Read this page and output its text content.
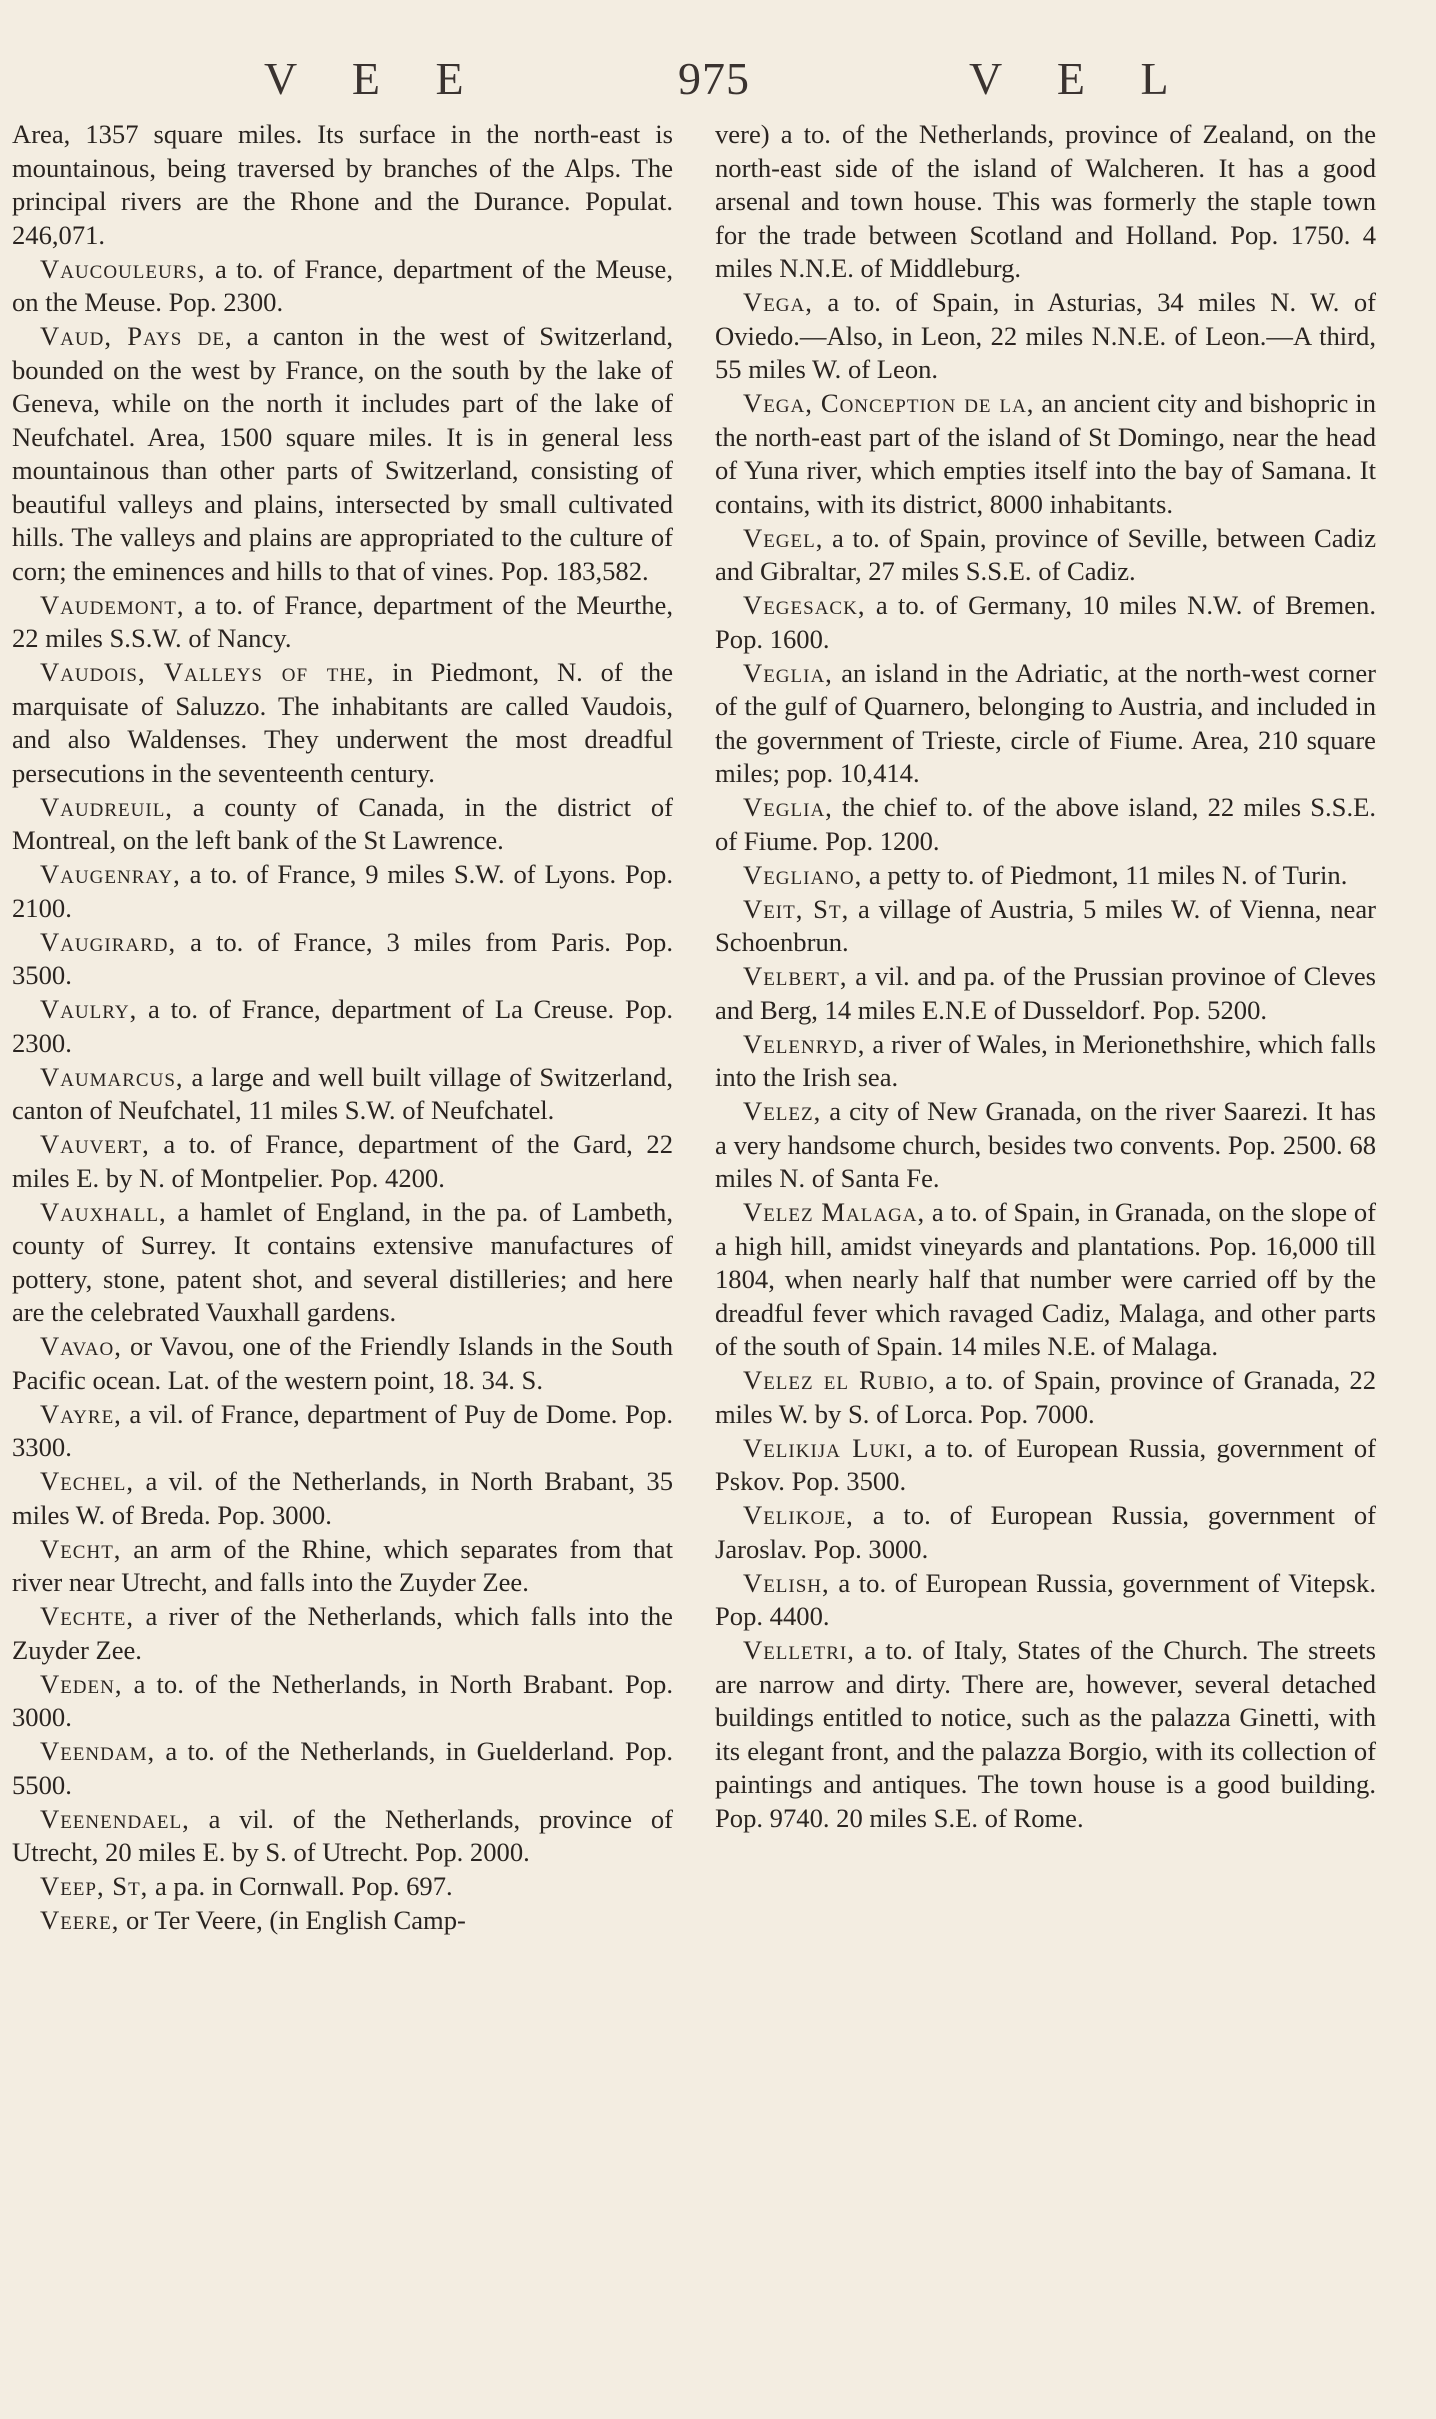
V E E	975	V E L

Area, 1357 square miles. Its surface in the north-east is mountainous, being traversed by branches of the Alps. The principal rivers are the Rhone and the Durance. Populat. 246,071.

Vaucouleurs, a to. of France, department of the Meuse, on the Meuse. Pop. 2300.

Vaud, Pays de, a canton in the west of Switzerland, bounded on the west by France, on the south by the lake of Geneva, while on the north it includes part of the lake of Neufchatel. Area, 1500 square miles. It is in general less mountainous than other parts of Switzerland, consisting of beautiful valleys and plains, intersected by small cultivated hills. The valleys and plains are appropriated to the culture of corn; the eminences and hills to that of vines. Pop. 183,582.

Vaudemont, a to. of France, department of the Meurthe, 22 miles S.S.W. of Nancy.

Vaudois, Valleys of the, in Piedmont, N. of the marquisate of Saluzzo. The inhabitants are called Vaudois, and also Waldenses. They underwent the most dreadful persecutions in the seventeenth century.

Vaudreuil, a county of Canada, in the district of Montreal, on the left bank of the St Lawrence.

Vaugenray, a to. of France, 9 miles S.W. of Lyons. Pop. 2100.

Vaugirard, a to. of France, 3 miles from Paris. Pop. 3500.

Vaulry, a to. of France, department of La Creuse. Pop. 2300.

Vaumarcus, a large and well built village of Switzerland, canton of Neufchatel, 11 miles S.W. of Neufchatel.

Vauvert, a to. of France, department of the Gard, 22 miles E. by N. of Montpelier. Pop. 4200.

Vauxhall, a hamlet of England, in the pa. of Lambeth, county of Surrey. It contains extensive manufactures of pottery, stone, patent shot, and several distilleries; and here are the celebrated Vauxhall gardens.

Vavao, or Vavou, one of the Friendly Islands in the South Pacific ocean. Lat. of the western point, 18. 34. S.

Vayre, a vil. of France, department of Puy de Dome. Pop. 3300.

Vechel, a vil. of the Netherlands, in North Brabant, 35 miles W. of Breda. Pop. 3000.

Vecht, an arm of the Rhine, which separates from that river near Utrecht, and falls into the Zuyder Zee.

Vechte, a river of the Netherlands, which falls into the Zuyder Zee.

Veden, a to. of the Netherlands, in North Brabant. Pop. 3000.

Veendam, a to. of the Netherlands, in Guelderland. Pop. 5500.

Veenendael, a vil. of the Netherlands, province of Utrecht, 20 miles E. by S. of Utrecht. Pop. 2000.

Veep, St, a pa. in Cornwall. Pop. 697.

Veere, or Ter Veere, (in English Camp-

vere) a to. of the Netherlands, province of Zealand, on the north-east side of the island of Walcheren. It has a good arsenal and town house. This was formerly the staple town for the trade between Scotland and Holland. Pop. 1750. 4 miles N.N.E. of Middleburg.

Vega, a to. of Spain, in Asturias, 34 miles N. W. of Oviedo.—Also, in Leon, 22 miles N.N.E. of Leon.—A third, 55 miles W. of Leon.

Vega, Conception de la, an ancient city and bishopric in the north-east part of the island of St Domingo, near the head of Yuna river, which empties itself into the bay of Samana. It contains, with its district, 8000 inhabitants.

Vegel, a to. of Spain, province of Seville, between Cadiz and Gibraltar, 27 miles S.S.E. of Cadiz.

Vegesack, a to. of Germany, 10 miles N.W. of Bremen. Pop. 1600.

Veglia, an island in the Adriatic, at the north-west corner of the gulf of Quarnero, belonging to Austria, and included in the government of Trieste, circle of Fiume. Area, 210 square miles; pop. 10,414.

Veglia, the chief to. of the above island, 22 miles S.S.E. of Fiume. Pop. 1200.

Vegliano, a petty to. of Piedmont, 11 miles N. of Turin.

Veit, St, a village of Austria, 5 miles W. of Vienna, near Schoenbrun.

Velbert, a vil. and pa. of the Prussian provinoe of Cleves and Berg, 14 miles E.N.E of Dusseldorf. Pop. 5200.

Velenryd, a river of Wales, in Merionethshire, which falls into the Irish sea.

Velez, a city of New Granada, on the river Saarezi. It has a very handsome church, besides two convents. Pop. 2500. 68 miles N. of Santa Fe.

Velez Malaga, a to. of Spain, in Granada, on the slope of a high hill, amidst vineyards and plantations. Pop. 16,000 till 1804, when nearly half that number were carried off by the dreadful fever which ravaged Cadiz, Malaga, and other parts of the south of Spain. 14 miles N.E. of Malaga.

Velez el Rubio, a to. of Spain, province of Granada, 22 miles W. by S. of Lorca. Pop. 7000.

Velikija Luki, a to. of European Russia, government of Pskov. Pop. 3500.

Velikoje, a to. of European Russia, government of Jaroslav. Pop. 3000.

Velish, a to. of European Russia, government of Vitepsk. Pop. 4400.

Velletri, a to. of Italy, States of the Church. The streets are narrow and dirty. There are, however, several detached buildings entitled to notice, such as the palazza Ginetti, with its elegant front, and the palazza Borgio, with its collection of paintings and antiques. The town house is a good building. Pop. 9740. 20 miles S.E. of Rome.
